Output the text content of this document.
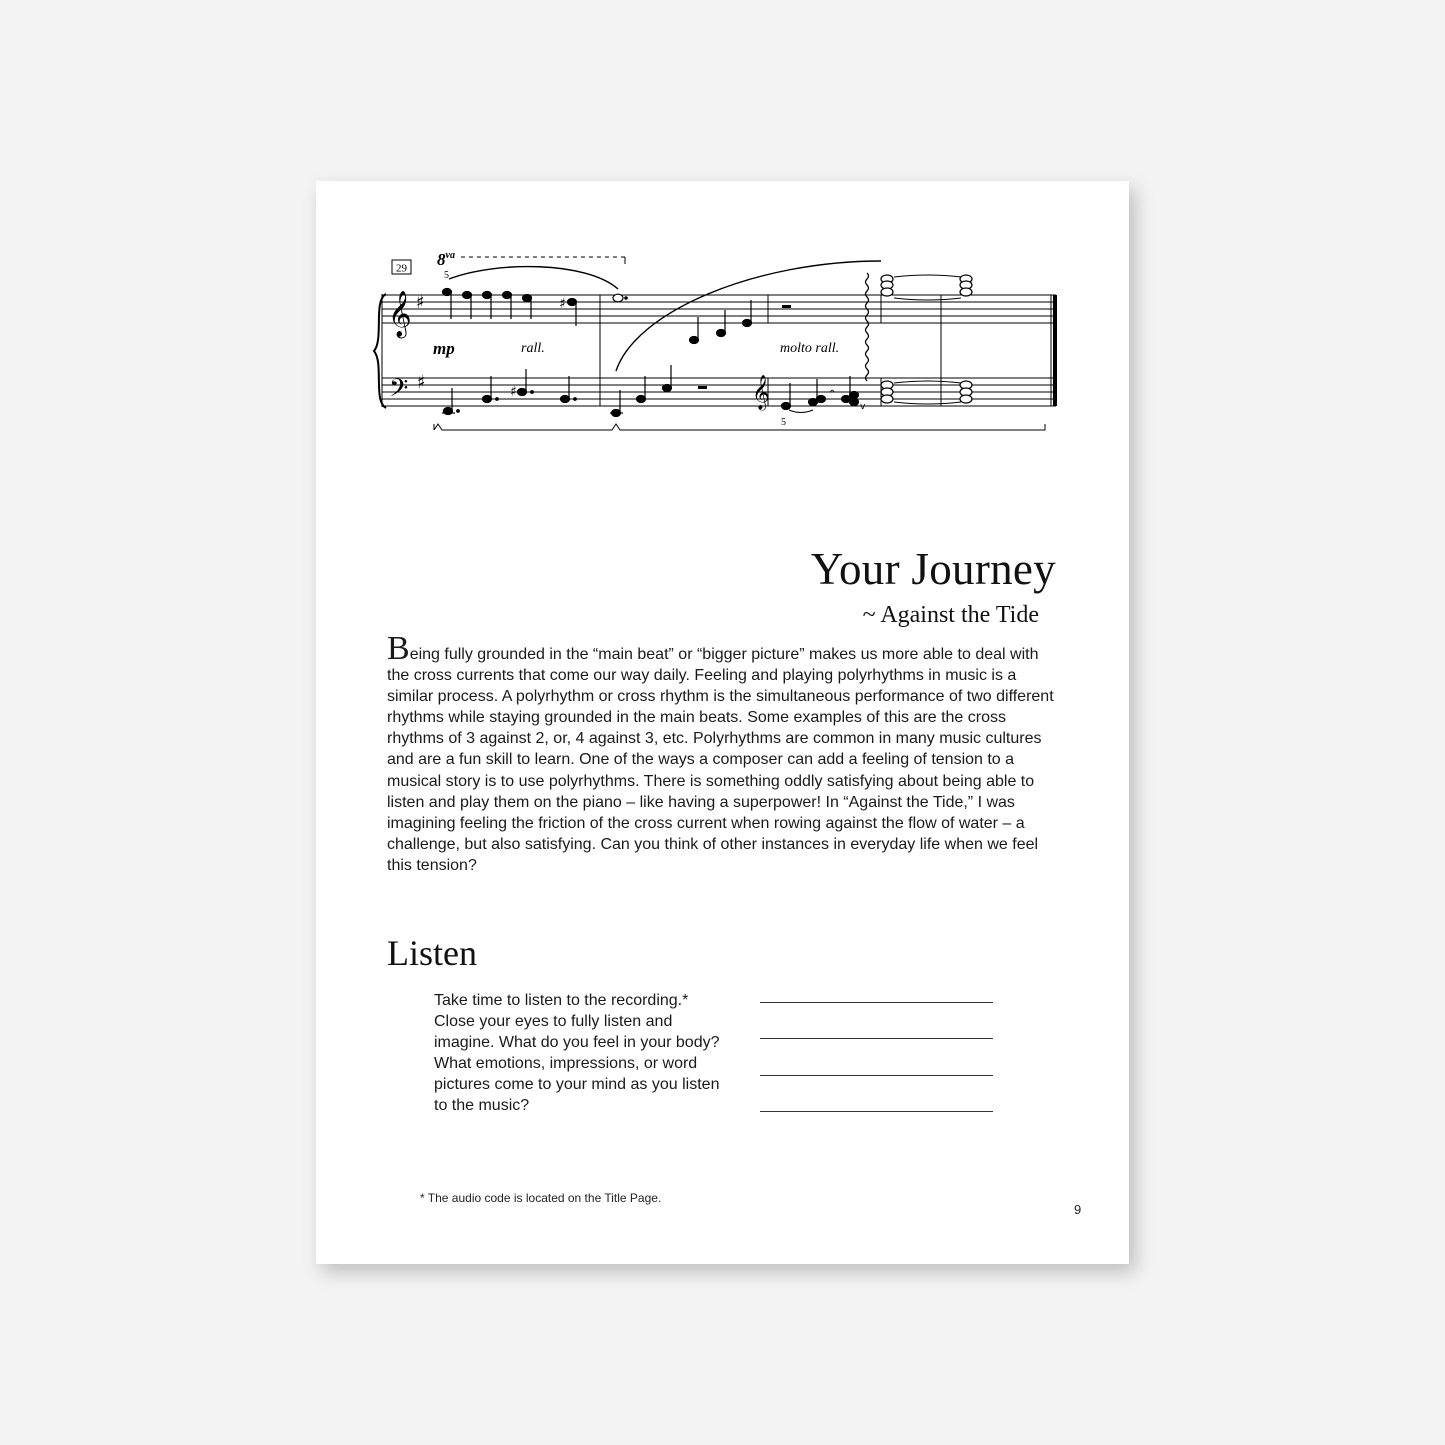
29 $8^{va}$
5
𝄞
𝄢	𝄞
♯
♯
♯
mp	rall.	molto rall.
♯
5
^
v
Your Journey
~ Against the Tide

Being fully grounded in the “main beat” or “bigger picture” makes us more able to deal with the cross currents that come our way daily. Feeling and playing polyrhythms in music is a similar process. A polyrhythm or cross rhythm is the simultaneous performance of two different rhythms while staying grounded in the main beats. Some examples of this are the cross rhythms of 3 against 2, or, 4 against 3, etc. Polyrhythms are common in many music cultures and are a fun skill to learn. One of the ways a composer can add a feeling of tension to a musical story is to use polyrhythms. There is something oddly satisfying about being able to listen and play them on the piano – like having a superpower! In “Against the Tide,” I was imagining feeling the friction of the cross current when rowing against the flow of water – a challenge, but also satisfying. Can you think of other instances in everyday life when we feel this tension?

Listen

Take time to listen to the recording.* Close your eyes to fully listen and imagine. What do you feel in your body? What emotions, impressions, or word pictures come to your mind as you listen to the music?

* The audio code is located on the Title Page.
9
